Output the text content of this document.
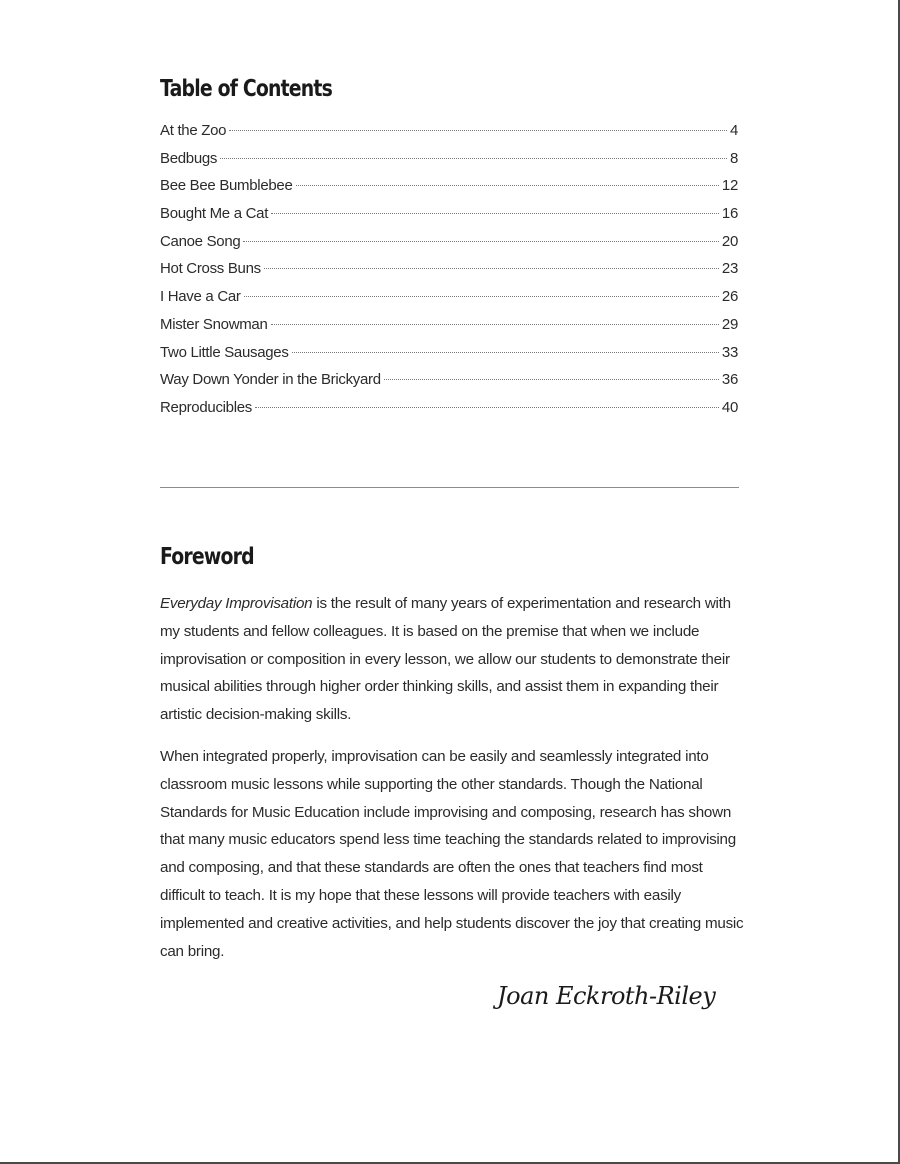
Table of Contents
At the Zoo	4
Bedbugs	8
Bee Bee Bumblebee	12
Bought Me a Cat	16
Canoe Song	20
Hot Cross Buns	23
I Have a Car	26
Mister Snowman	29
Two Little Sausages	33
Way Down Yonder in the Brickyard	36
Reproducibles	40
Foreword

Everyday Improvisation is the result of many years of experimentation and research with my students and fellow colleagues. It is based on the premise that when we include improvisation or composition in every lesson, we allow our students to demonstrate their musical abilities through higher order thinking skills, and assist them in expanding their artistic decision-making skills.

When integrated properly, improvisation can be easily and seamlessly integrated into classroom music lessons while supporting the other standards. Though the National Standards for Music Education include improvising and composing, research has shown that many music educators spend less time teaching the standards related to improvising and composing, and that these standards are often the ones that teachers find most difficult to teach. It is my hope that these lessons will provide teachers with easily implemented and creative activities, and help students discover the joy that creating music can bring.

Joan Eckroth-Riley
